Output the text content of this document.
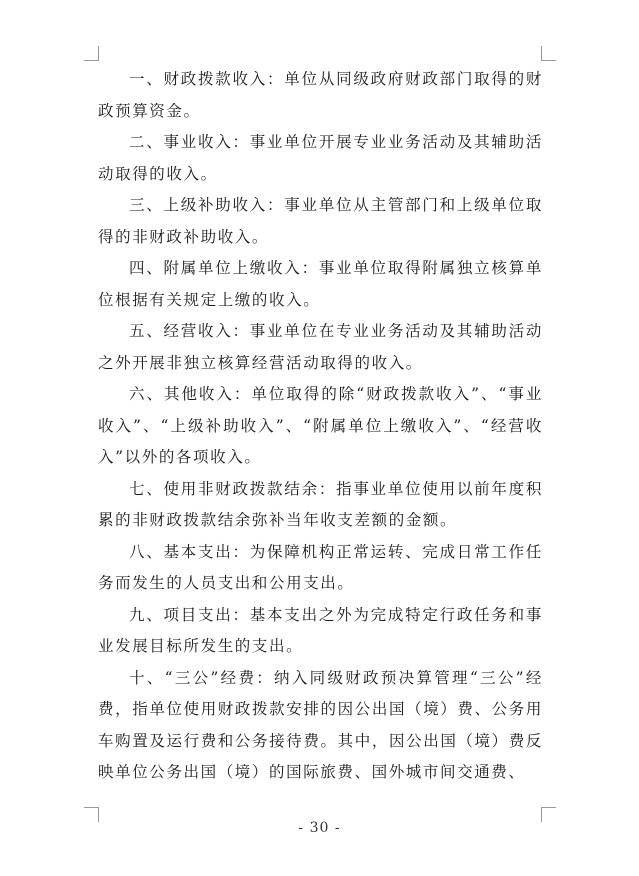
一、财政拨款收入：单位从同级政府财政部门取得的财政预算资金。

二、事业收入：事业单位开展专业业务活动及其辅助活动取得的收入。

三、上级补助收入：事业单位从主管部门和上级单位取得的非财政补助收入。

四、附属单位上缴收入：事业单位取得附属独立核算单位根据有关规定上缴的收入。

五、经营收入：事业单位在专业业务活动及其辅助活动之外开展非独立核算经营活动取得的收入。

六、其他收入：单位取得的除“财政拨款收入”、“事业收入”、“上级补助收入”、“附属单位上缴收入”、“经营收入”以外的各项收入。

七、使用非财政拨款结余：指事业单位使用以前年度积累的非财政拨款结余弥补当年收支差额的金额。

八、基本支出：为保障机构正常运转、完成日常工作任务而发生的人员支出和公用支出。

九、项目支出：基本支出之外为完成特定行政任务和事业发展目标所发生的支出。

十、“三公”经费：纳入同级财政预决算管理“三公”经费，指单位使用财政拨款安排的因公出国（境）费、公务用车购置及运行费和公务接待费。其中，因公出国（境）费反映单位公务出国（境）的国际旅费、国外城市间交通费、

- 30 -
